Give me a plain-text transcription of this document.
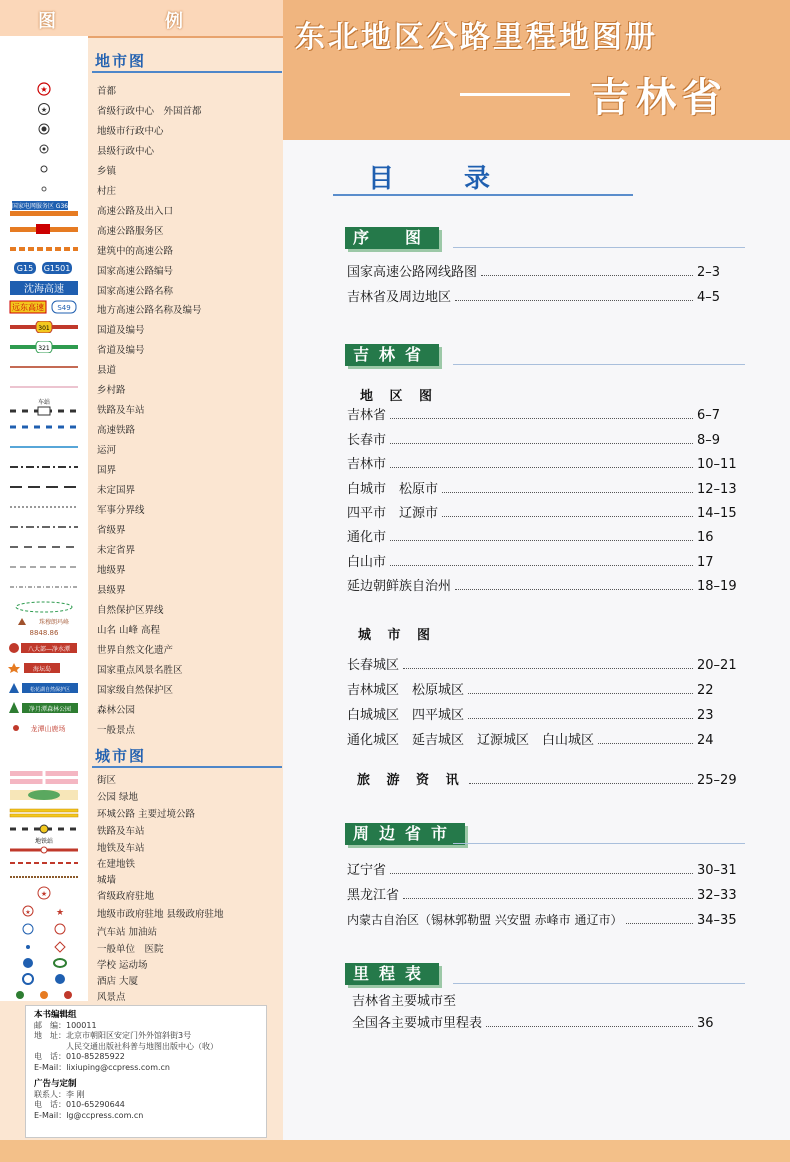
图	例
地市图
★
★
国家电网服务区 G36
G15 G1501
沈海高速
远东高速 S49
301
321
车站
珠穆朗玛峰
8848.86
八大部—净水潭
海坛岛
松花湖自然保护区
净月潭森林公园
龙潭山鹿场
首都
省级行政中心　外国首都
地级市行政中心
县级行政中心
乡镇
村庄
高速公路及出入口
高速公路服务区
建筑中的高速公路
国家高速公路编号
国家高速公路名称
地方高速公路名称及编号
国道及编号
省道及编号
县道
乡村路
铁路及车站
高速铁路
运河
国界
未定国界
军事分界线
省级界
未定省界
地级界
县级界
自然保护区界线
山名 山峰 高程
世界自然文化遗产
国家重点风景名胜区
国家级自然保护区
森林公园
一般景点
城市图
地铁站
★
★	★
街区
公园 绿地
环城公路 主要过境公路
铁路及车站
地铁及车站
在建地铁
城墙
省级政府驻地
地级市政府驻地 县级政府驻地
汽车站 加油站
一般单位　医院
学校 运动场
酒店 大厦
风景点
本书编辑组
邮　编：100011
地　址：北京市朝阳区安定门外外馆斜街3号
　　　　人民交通出版社科普与地图出版中心（收）
电　话：010-85285922
E-Mail：lixiuping@ccpress.com.cn
广告与定制
联系人：李 刚
电　话：010-65290644
E-Mail：lg@ccpress.com.cn
东北地区公路里程地图册
吉林省
目　录
序　图
国家高速公路网线路图	2–3
吉林省及周边地区	4–5
吉林省
地 区 图
吉林省	6–7
长春市	8–9
吉林市	10–11
白城市　松原市	12–13
四平市　辽源市	14–15
通化市	16
白山市	17
延边朝鲜族自治州	18–19
城 市 图
长春城区	20–21
吉林城区　松原城区	22
白城城区　四平城区	23
通化城区　延吉城区　辽源城区　白山城区	24
旅 游 资 讯	25–29
周边省市
辽宁省	30–31
黑龙江省	32–33
内蒙古自治区（锡林郭勒盟 兴安盟 赤峰市 通辽市）	34–35
里程表
吉林省主要城市至
全国各主要城市里程表	36
